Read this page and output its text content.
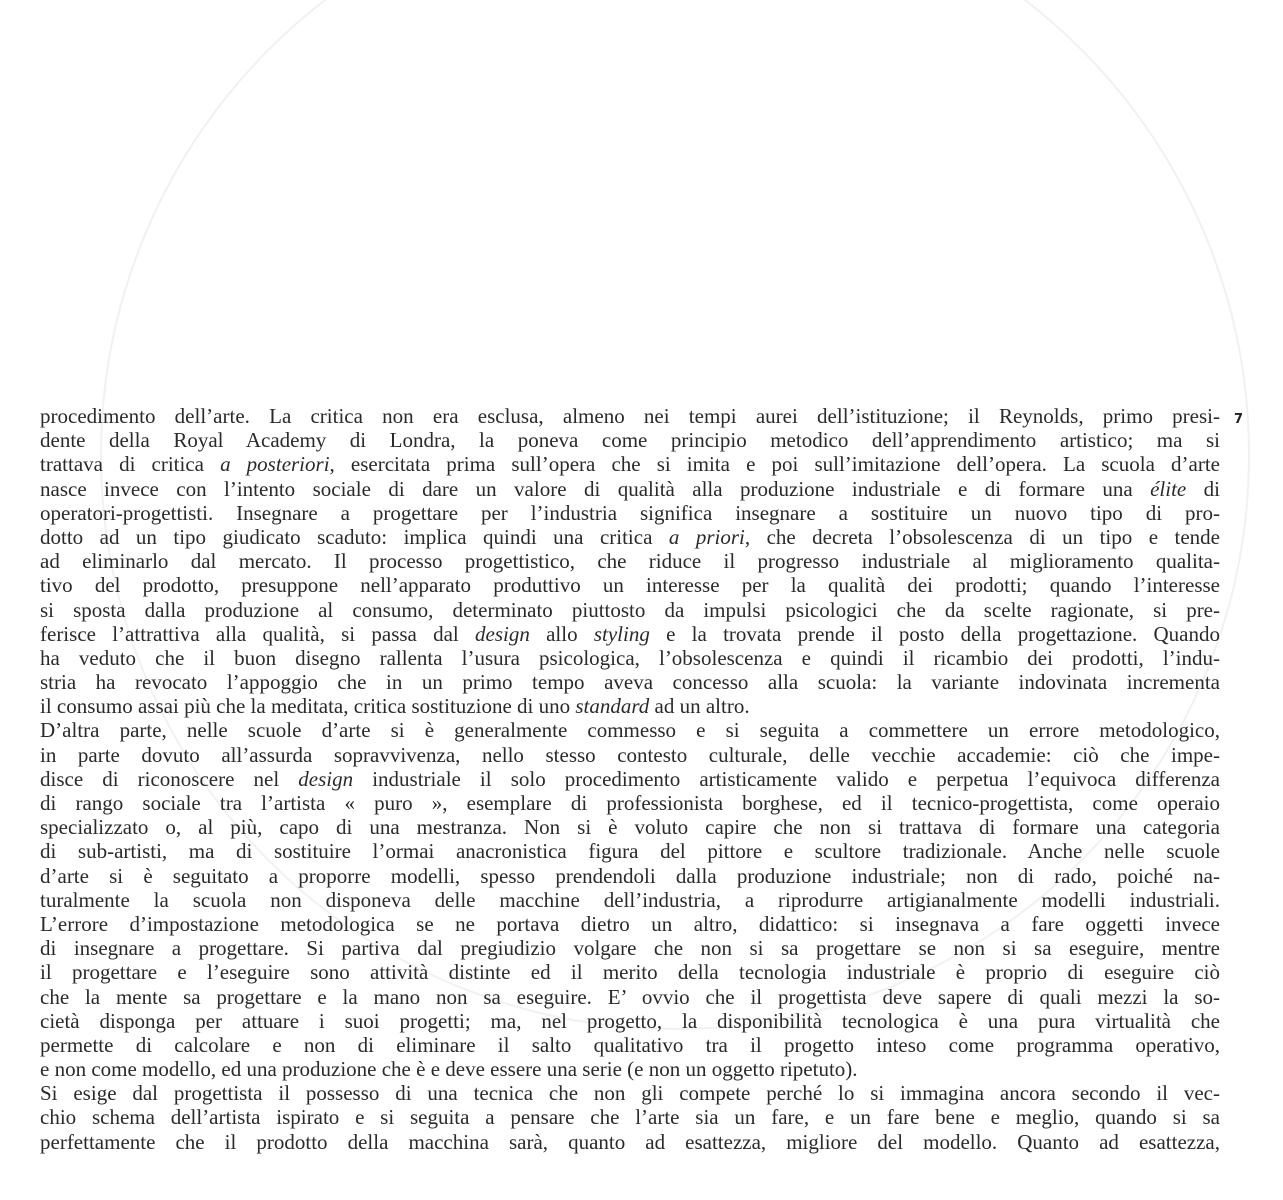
7
procedimento dell’arte. La critica non era esclusa, almeno nei tempi aurei dell’istituzione; il Reynolds, primo presi-
dente della Royal Academy di Londra, la poneva come principio metodico dell’apprendimento artistico; ma si
trattava di critica a posteriori, esercitata prima sull’opera che si imita e poi sull’imitazione dell’opera. La scuola d’arte
nasce invece con l’intento sociale di dare un valore di qualità alla produzione industriale e di formare una élite di
operatori-progettisti. Insegnare a progettare per l’industria significa insegnare a sostituire un nuovo tipo di pro-
dotto ad un tipo giudicato scaduto: implica quindi una critica a priori, che decreta l’obsolescenza di un tipo e tende
ad eliminarlo dal mercato. Il processo progettistico, che riduce il progresso industriale al miglioramento qualita-
tivo del prodotto, presuppone nell’apparato produttivo un interesse per la qualità dei prodotti; quando l’interesse
si sposta dalla produzione al consumo, determinato piuttosto da impulsi psicologici che da scelte ragionate, si pre-
ferisce l’attrattiva alla qualità, si passa dal design allo styling e la trovata prende il posto della progettazione. Quando
ha veduto che il buon disegno rallenta l’usura psicologica, l’obsolescenza e quindi il ricambio dei prodotti, l’indu-
stria ha revocato l’appoggio che in un primo tempo aveva concesso alla scuola: la variante indovinata incrementa
il consumo assai più che la meditata, critica sostituzione di uno standard ad un altro.
D’altra parte, nelle scuole d’arte si è generalmente commesso e si seguita a commettere un errore metodologico,
in parte dovuto all’assurda sopravvivenza, nello stesso contesto culturale, delle vecchie accademie: ciò che impe-
disce di riconoscere nel design industriale il solo procedimento artisticamente valido e perpetua l’equivoca differenza
di rango sociale tra l’artista « puro », esemplare di professionista borghese, ed il tecnico-progettista, come operaio
specializzato o, al più, capo di una mestranza. Non si è voluto capire che non si trattava di formare una categoria
di sub-artisti, ma di sostituire l’ormai anacronistica figura del pittore e scultore tradizionale. Anche nelle scuole
d’arte si è seguitato a proporre modelli, spesso prendendoli dalla produzione industriale; non di rado, poiché na-
turalmente la scuola non disponeva delle macchine dell’industria, a riprodurre artigianalmente modelli industriali.
L’errore d’impostazione metodologica se ne portava dietro un altro, didattico: si insegnava a fare oggetti invece
di insegnare a progettare. Si partiva dal pregiudizio volgare che non si sa progettare se non si sa eseguire, mentre
il progettare e l’eseguire sono attività distinte ed il merito della tecnologia industriale è proprio di eseguire ciò
che la mente sa progettare e la mano non sa eseguire. E’ ovvio che il progettista deve sapere di quali mezzi la so-
cietà disponga per attuare i suoi progetti; ma, nel progetto, la disponibilità tecnologica è una pura virtualità che
permette di calcolare e non di eliminare il salto qualitativo tra il progetto inteso come programma operativo,
e non come modello, ed una produzione che è e deve essere una serie (e non un oggetto ripetuto).
Si esige dal progettista il possesso di una tecnica che non gli compete perché lo si immagina ancora secondo il vec-
chio schema dell’artista ispirato e si seguita a pensare che l’arte sia un fare, e un fare bene e meglio, quando si sa
perfettamente che il prodotto della macchina sarà, quanto ad esattezza, migliore del modello. Quanto ad esattezza,
